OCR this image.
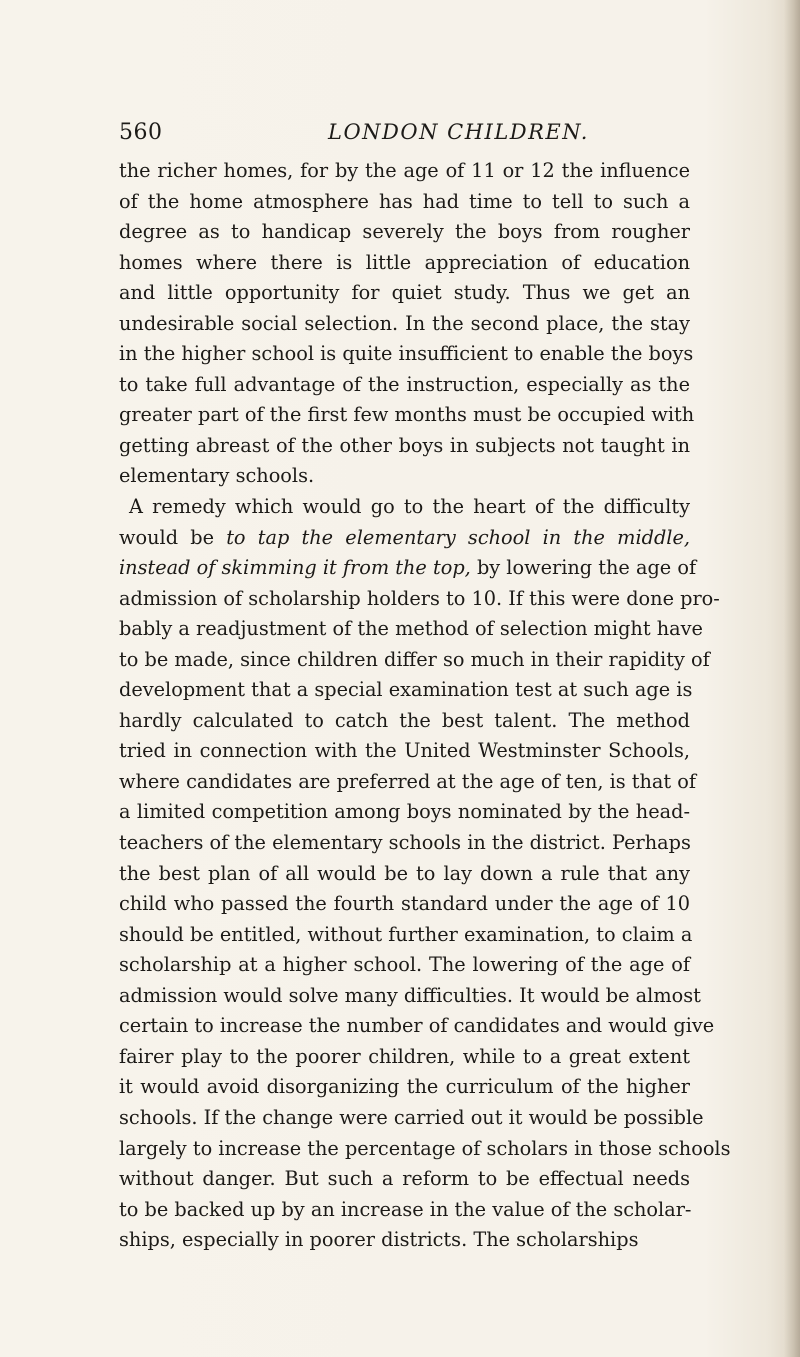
560	LONDON CHILDREN.
the richer homes, for by the age of 11 or 12 the influence
of the home atmosphere has had time to tell to such a
degree as to handicap severely the boys from rougher
homes where there is little appreciation of education
and little opportunity for quiet study. Thus we get an
undesirable social selection. In the second place, the stay
in the higher school is quite insufficient to enable the boys
to take full advantage of the instruction, especially as the
greater part of the first few months must be occupied with
getting abreast of the other boys in subjects not taught in
elementary schools.
A remedy which would go to the heart of the difficulty
would be to tap the elementary school in the middle,
instead of skimming it from the top, by lowering the age of
admission of scholarship holders to 10. If this were done pro-
bably a readjustment of the method of selection might have
to be made, since children differ so much in their rapidity of
development that a special examination test at such age is
hardly calculated to catch the best talent. The method
tried in connection with the United Westminster Schools,
where candidates are preferred at the age of ten, is that of
a limited competition among boys nominated by the head-
teachers of the elementary schools in the district. Perhaps
the best plan of all would be to lay down a rule that any
child who passed the fourth standard under the age of 10
should be entitled, without further examination, to claim a
scholarship at a higher school. The lowering of the age of
admission would solve many difficulties. It would be almost
certain to increase the number of candidates and would give
fairer play to the poorer children, while to a great extent
it would avoid disorganizing the curriculum of the higher
schools. If the change were carried out it would be possible
largely to increase the percentage of scholars in those schools
without danger. But such a reform to be effectual needs
to be backed up by an increase in the value of the scholar-
ships, especially in poorer districts. The scholarships
